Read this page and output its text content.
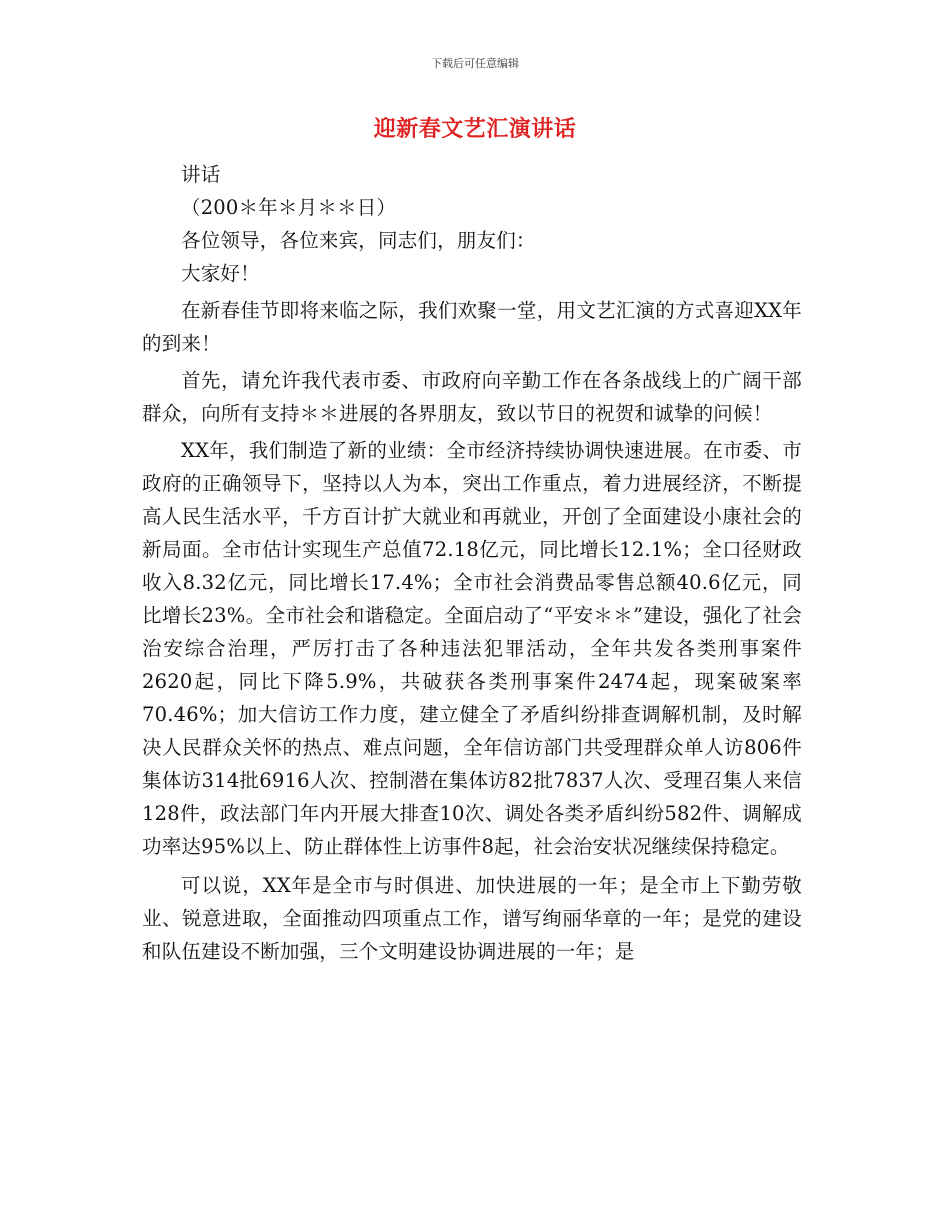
下载后可任意编辑
迎新春文艺汇演讲话

讲话

（200＊年＊月＊＊日）

各位领导，各位来宾，同志们，朋友们：

大家好！

在新春佳节即将来临之际，我们欢聚一堂，用文艺汇演的方式喜迎XX年的到来！

首先，请允许我代表市委、市政府向辛勤工作在各条战线上的广阔干部群众，向所有支持＊＊进展的各界朋友，致以节日的祝贺和诚挚的问候！

XX年，我们制造了新的业绩：全市经济持续协调快速进展。在市委、市政府的正确领导下，坚持以人为本，突出工作重点，着力进展经济，不断提高人民生活水平，千方百计扩大就业和再就业，开创了全面建设小康社会的新局面。全市估计实现生产总值72.18亿元，同比增长12.1%；全口径财政收入8.32亿元，同比增长17.4%；全市社会消费品零售总额40.6亿元，同比增长23%。全市社会和谐稳定。全面启动了“平安＊＊”建设，强化了社会治安综合治理，严厉打击了各种违法犯罪活动，全年共发各类刑事案件2620起，同比下降5.9%，共破获各类刑事案件2474起，现案破案率70.46%；加大信访工作力度，建立健全了矛盾纠纷排查调解机制，及时解决人民群众关怀的热点、难点问题，全年信访部门共受理群众单人访806件集体访314批6916人次、控制潜在集体访82批7837人次、受理召集人来信128件，政法部门年内开展大排查10次、调处各类矛盾纠纷582件、调解成功率达95%以上、防止群体性上访事件8起，社会治安状况继续保持稳定。

可以说，XX年是全市与时俱进、加快进展的一年；是全市上下勤劳敬业、锐意进取，全面推动四项重点工作，谱写绚丽华章的一年；是党的建设和队伍建设不断加强，三个文明建设协调进展的一年；是
